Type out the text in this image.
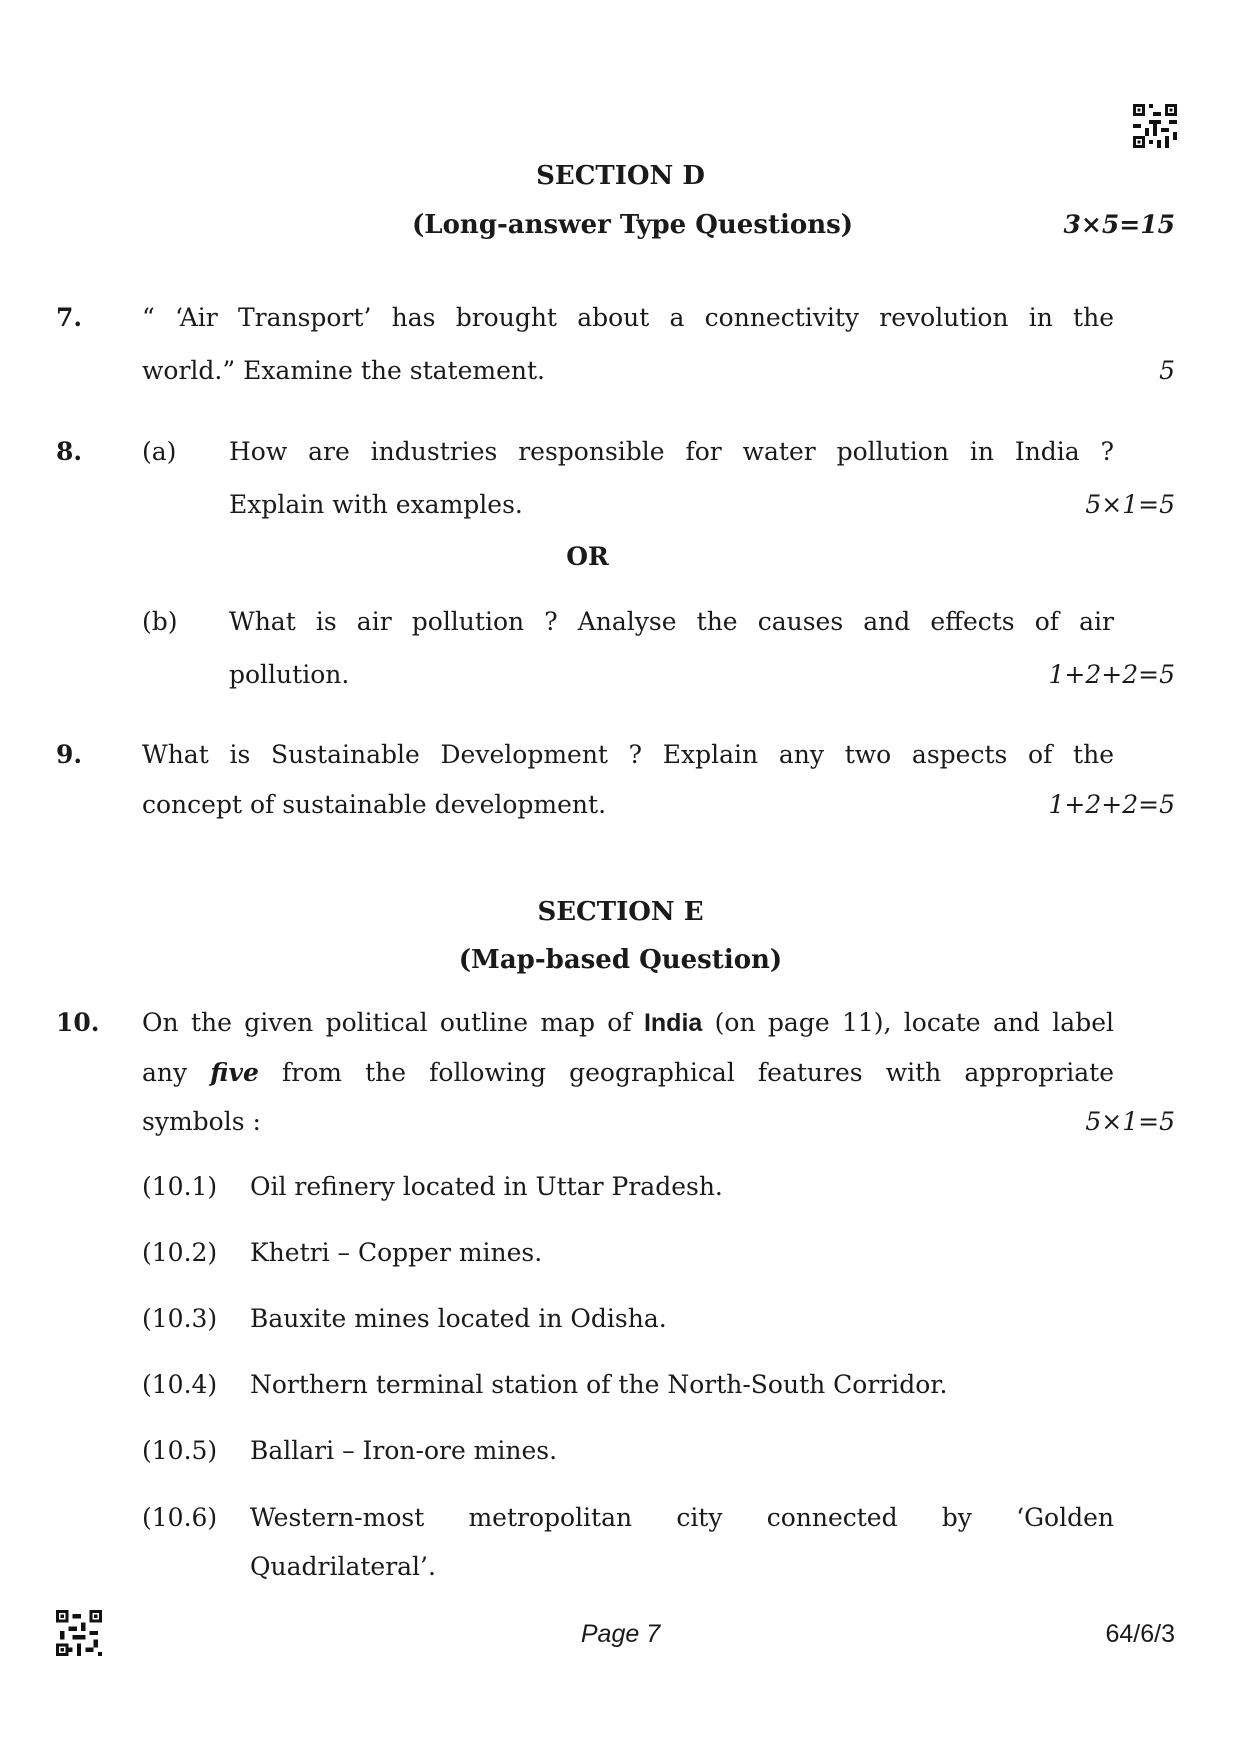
SECTION D
(Long-answer Type Questions)	3×5=15
7. “ ‘Air Transport’ has brought about a connectivity revolution in the
world.” Examine the statement.	5
8. (a) How are industries responsible for water pollution in India ?
Explain with examples.	5×1=5
OR
(b) What is air pollution ? Analyse the causes and effects of air
pollution.	1+2+2=5
9. What is Sustainable Development ? Explain any two aspects of the
concept of sustainable development.	1+2+2=5
SECTION E
(Map-based Question)
10. On the given political outline map of India (on page 11), locate and label
any five from the following geographical features with appropriate
symbols :	5×1=5
(10.1) Oil refinery located in Uttar Pradesh.
(10.2) Khetri – Copper mines.
(10.3) Bauxite mines located in Odisha.
(10.4) Northern terminal station of the North-South Corridor.
(10.5) Ballari – Iron-ore mines.
(10.6) Western-most metropolitan city connected by ‘Golden
Quadrilateral’.
Page 7	64/6/3
